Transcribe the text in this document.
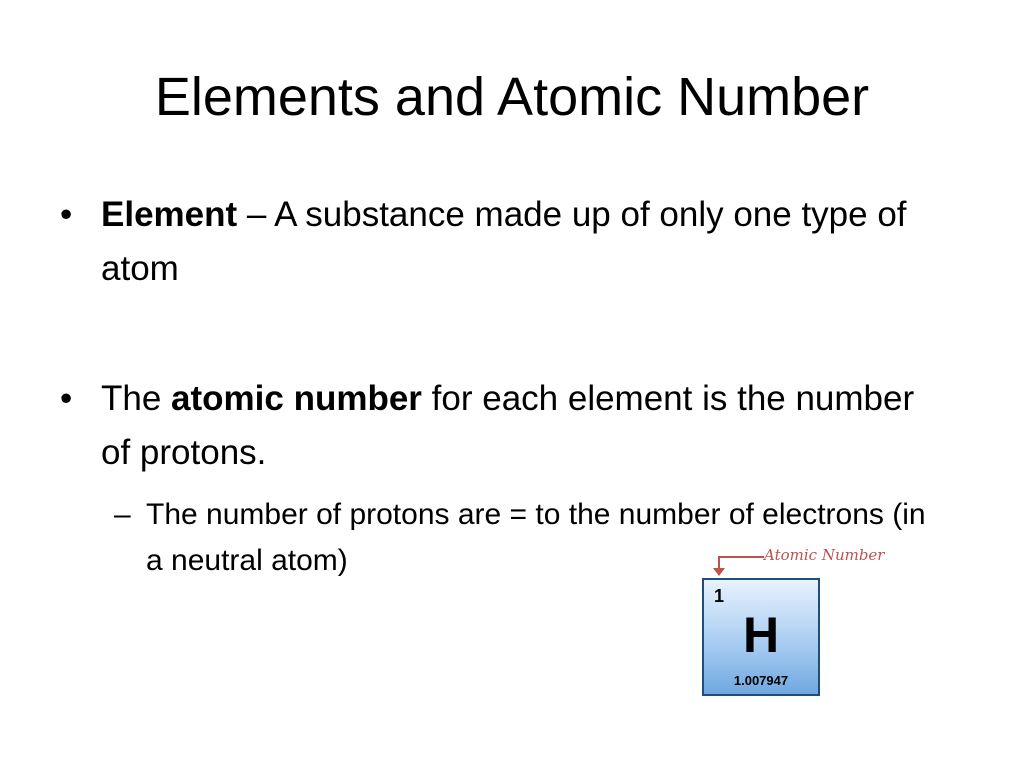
Elements and Atomic Number
• Element – A substance made up of only one type of atom
• The atomic number for each element is the number of protons.
– The number of protons are = to the number of electrons (in a neutral atom)	Atomic Number
1
H
1.007947
